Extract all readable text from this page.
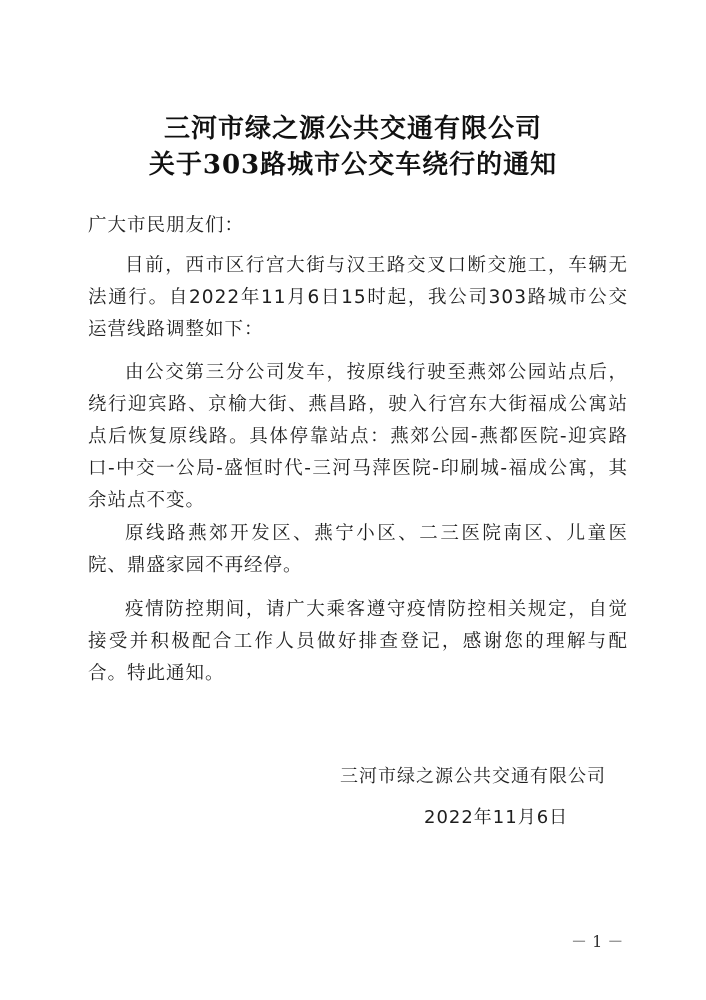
三河市绿之源公共交通有限公司
关于303路城市公交车绕行的通知
广大市民朋友们：

目前，西市区行宫大街与汉王路交叉口断交施工，车辆无法通行。自2022年11月6日15时起，我公司303路城市公交运营线路调整如下：

由公交第三分公司发车，按原线行驶至燕郊公园站点后，绕行迎宾路、京榆大街、燕昌路，驶入行宫东大街福成公寓站点后恢复原线路。具体停靠站点：燕郊公园-燕都医院-迎宾路口-中交一公局-盛恒时代-三河马萍医院-印刷城-福成公寓，其余站点不变。

原线路燕郊开发区、燕宁小区、二三医院南区、儿童医院、鼎盛家园不再经停。

疫情防控期间，请广大乘客遵守疫情防控相关规定，自觉接受并积极配合工作人员做好排查登记，感谢您的理解与配合。特此通知。

三河市绿之源公共交通有限公司
2022年11月6日
－ 1 －
